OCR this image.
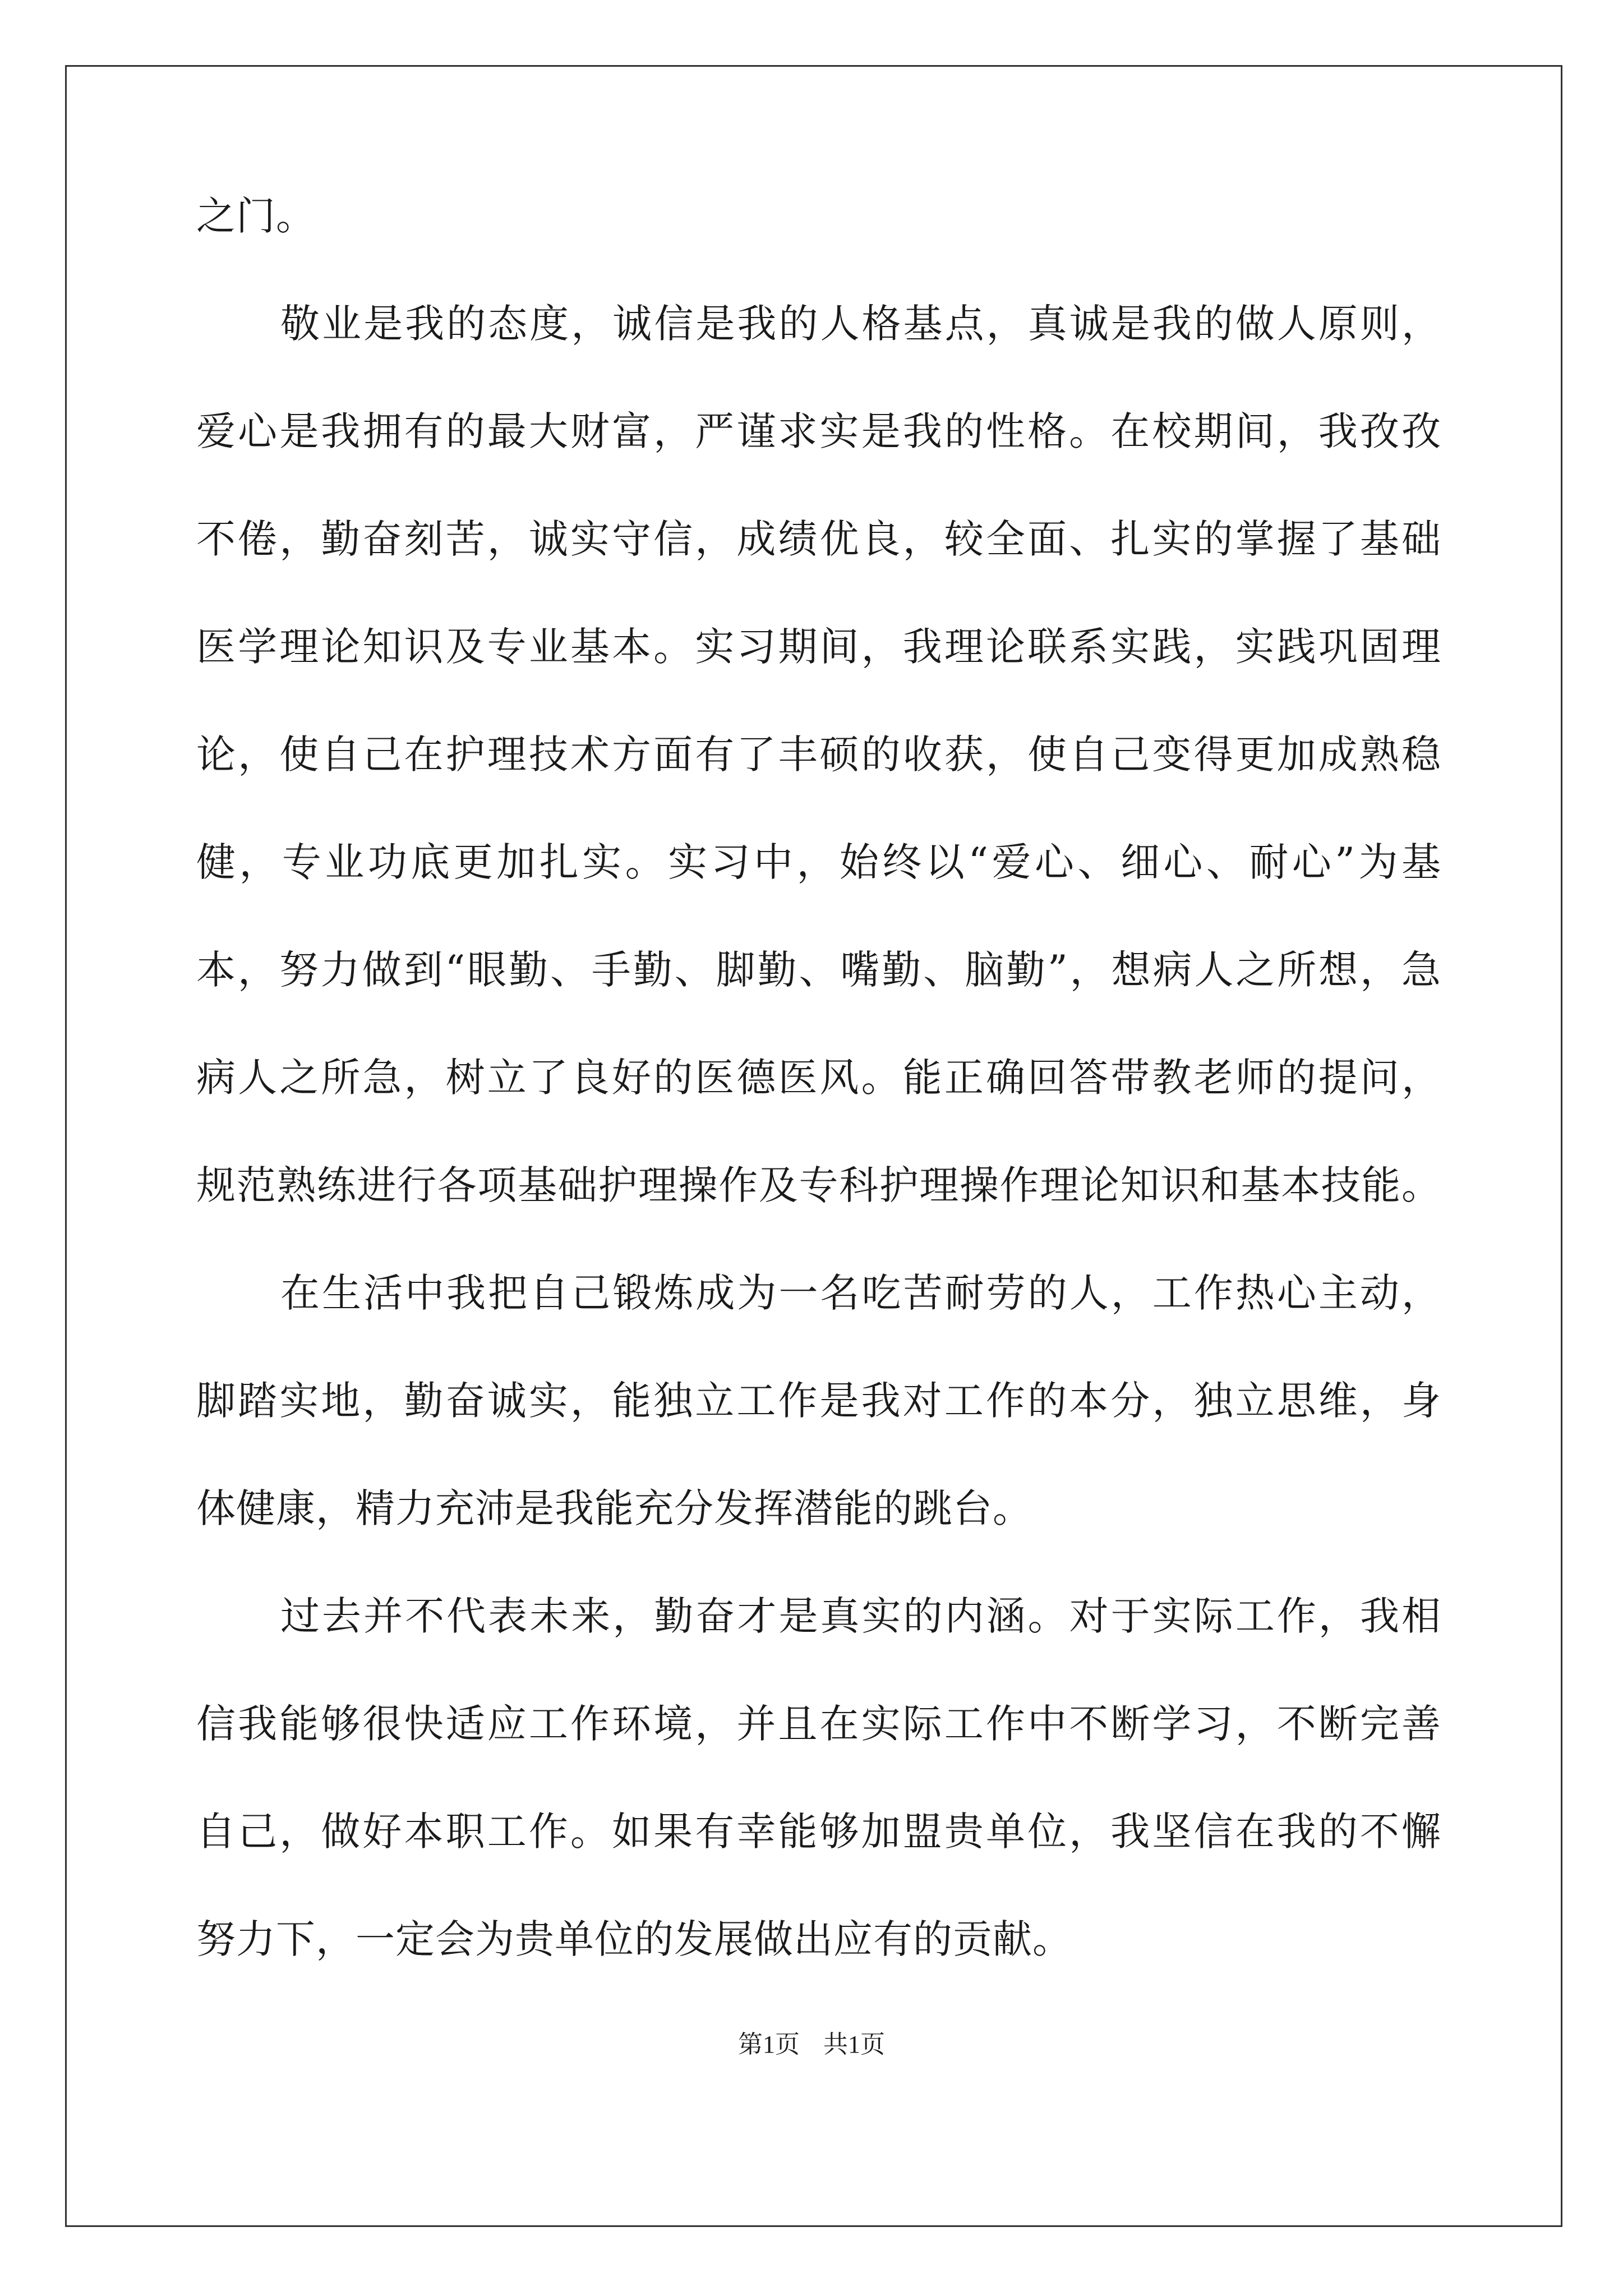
之门。
敬业是我的态度，诚信是我的人格基点，真诚是我的做人原则，
爱心是我拥有的最大财富，严谨求实是我的性格。在校期间，我孜孜
不倦，勤奋刻苦，诚实守信，成绩优良，较全面、扎实的掌握了基础
医学理论知识及专业基本。实习期间，我理论联系实践，实践巩固理
论，使自己在护理技术方面有了丰硕的收获，使自己变得更加成熟稳
健，专业功底更加扎实。实习中，始终以“爱心、细心、耐心”为基
本，努力做到“眼勤、手勤、脚勤、嘴勤、脑勤”，想病人之所想，急
病人之所急，树立了良好的医德医风。能正确回答带教老师的提问，
规范熟练进行各项基础护理操作及专科护理操作理论知识和基本技能。
在生活中我把自己锻炼成为一名吃苦耐劳的人，工作热心主动，
脚踏实地，勤奋诚实，能独立工作是我对工作的本分，独立思维，身
体健康，精力充沛是我能充分发挥潜能的跳台。
过去并不代表未来，勤奋才是真实的内涵。对于实际工作，我相
信我能够很快适应工作环境，并且在实际工作中不断学习，不断完善
自己，做好本职工作。如果有幸能够加盟贵单位，我坚信在我的不懈
努力下，一定会为贵单位的发展做出应有的贡献。
第1页 共1页
